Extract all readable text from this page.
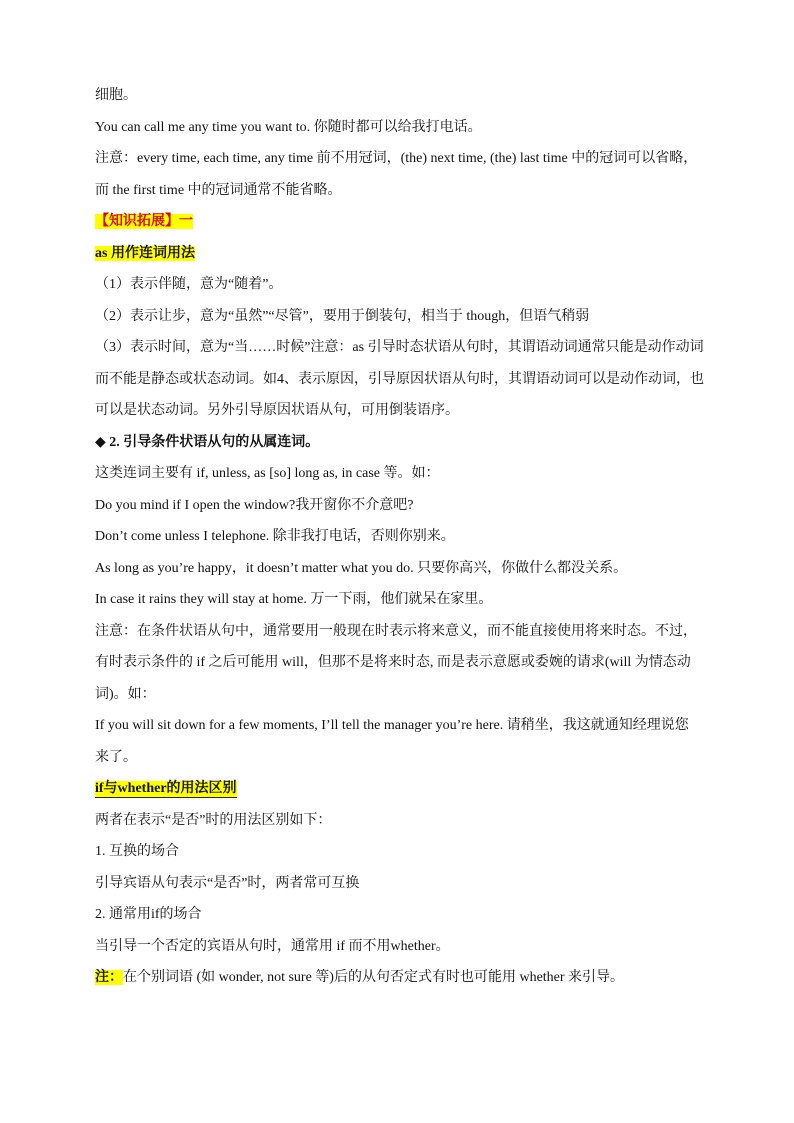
细胞。
You can call me any time you want to. 你随时都可以给我打电话。
注意：every time, each time, any time 前不用冠词，(the) next time, (the) last time 中的冠词可以省略，
而 the first time 中的冠词通常不能省略。
【知识拓展】一
as 用作连词用法
（1）表示伴随，意为“随着”。
（2）表示让步，意为“虽然”“尽管”，要用于倒装句，相当于 though，但语气稍弱
（3）表示时间，意为“当……时候”注意：as 引导时态状语从句时，其谓语动词通常只能是动作动词
而不能是静态或状态动词。如4、表示原因，引导原因状语从句时，其谓语动词可以是动作动词，也
可以是状态动词。另外引导原因状语从句，可用倒装语序。
◆ 2. 引导条件状语从句的从属连词。
这类连词主要有 if, unless, as [so] long as, in case 等。如：
Do you mind if I open the window?我开窗你不介意吧?
Don’t come unless I telephone. 除非我打电话，否则你别来。
As long as you’re happy，it doesn’t matter what you do. 只要你高兴，你做什么都没关系。
In case it rains they will stay at home. 万一下雨，他们就呆在家里。
注意：在条件状语从句中，通常要用一般现在时表示将来意义，而不能直接使用将来时态。不过，
有时表示条件的 if 之后可能用 will，但那不是将来时态, 而是表示意愿或委婉的请求(will 为情态动
词)。如：
If you will sit down for a few moments, I’ll tell the manager you’re here. 请稍坐，我这就通知经理说您
来了。
if与whether的用法区别
两者在表示“是否”时的用法区别如下：
1. 互换的场合
引导宾语从句表示“是否”时，两者常可互换
2. 通常用if的场合
当引导一个否定的宾语从句时，通常用 if 而不用whether。
注：在个别词语 (如 wonder, not sure 等)后的从句否定式有时也可能用 whether 来引导。
